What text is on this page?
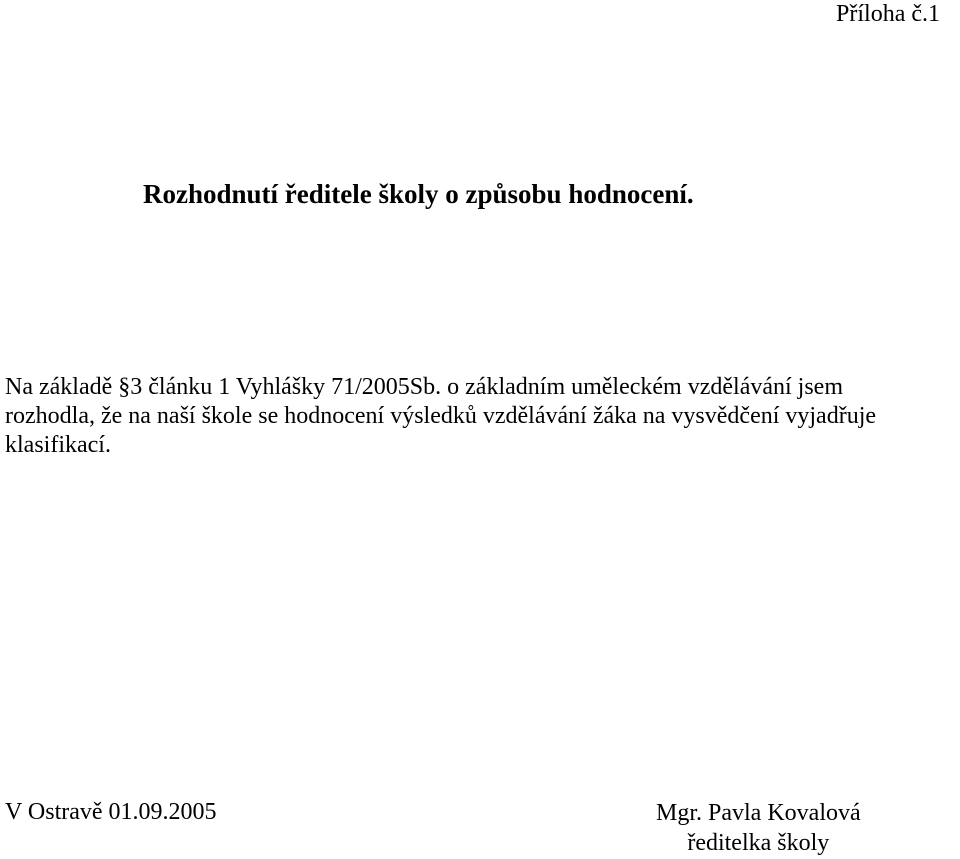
Příloha č.1
Rozhodnutí ředitele školy o způsobu hodnocení.
Na základě §3 článku 1 Vyhlášky 71/2005Sb. o základním uměleckém vzdělávání jsem
rozhodla, že na naší škole se hodnocení výsledků vzdělávání žáka na vysvědčení vyjadřuje
klasifikací.
V Ostravě 01.09.2005	Mgr. Pavla Kovalová
ředitelka školy
